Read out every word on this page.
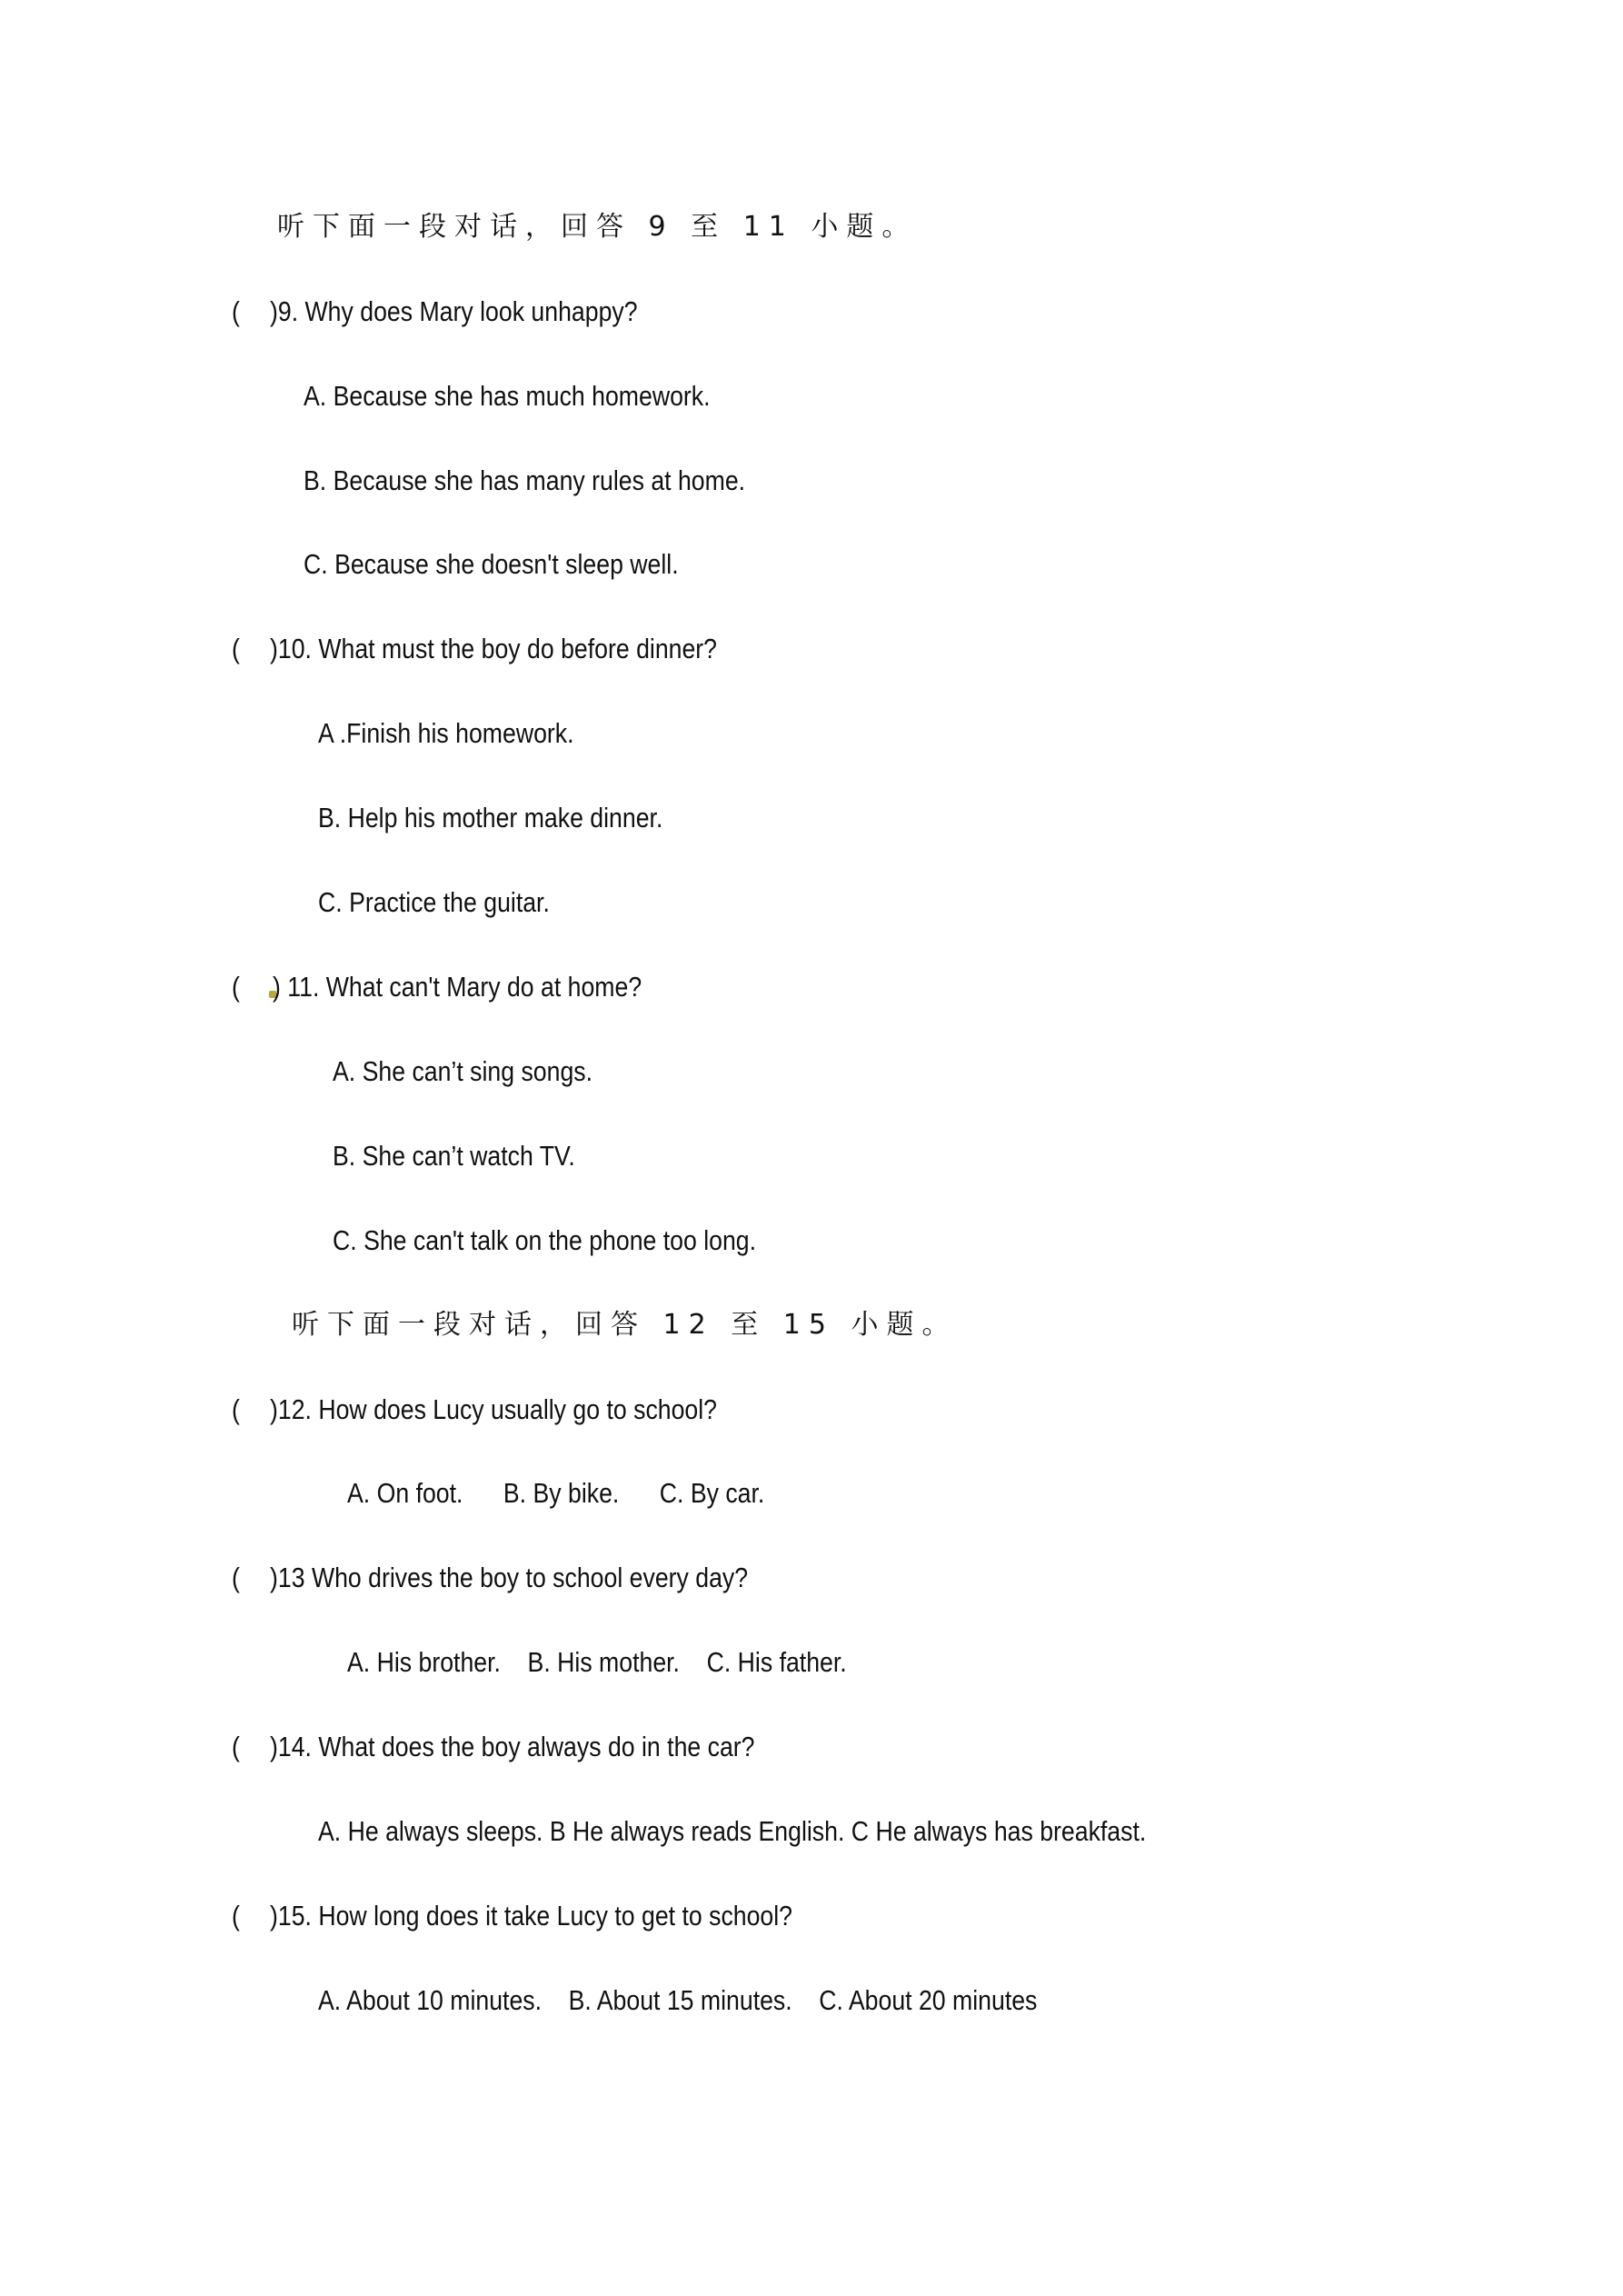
听下面一段对话，回答 9 至 11 小题。
( )9. Why does Mary look unhappy?
A. Because she has much homework.
B. Because she has many rules at home.
C. Because she doesn't sleep well.
( )10. What must the boy do before dinner?
A .Finish his homework.
B. Help his mother make dinner.
C. Practice the guitar.
( ) 11. What can't Mary do at home?
A. She can’t sing songs.
B. She can’t watch TV.
C. She can't talk on the phone too long.
听下面一段对话，回答 12 至 15 小题。
( )12. How does Lucy usually go to school?
A. On foot.      B. By bike.      C. By car.
( )13 Who drives the boy to school every day?
A. His brother.    B. His mother.    C. His father.
( )14. What does the boy always do in the car?
A. He always sleeps. B He always reads English. C He always has breakfast.
( )15. How long does it take Lucy to get to school?
A. About 10 minutes.    B. About 15 minutes.    C. About 20 minutes
